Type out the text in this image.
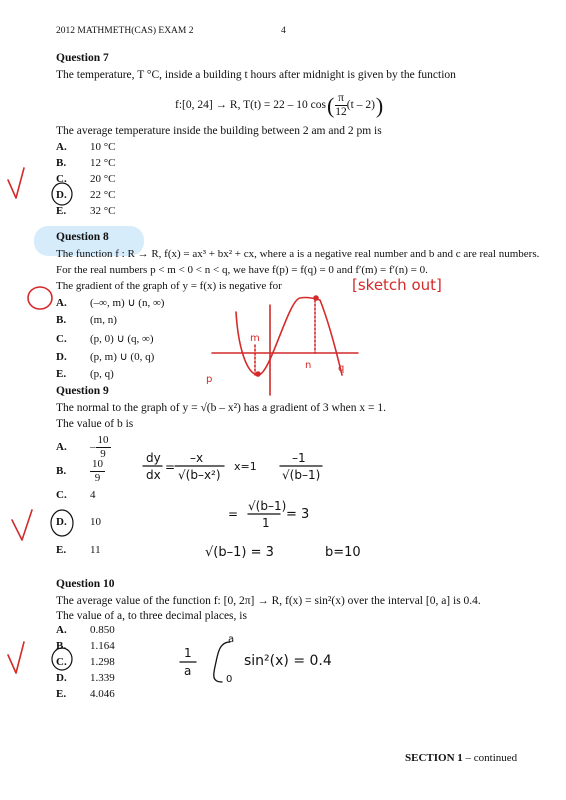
2012 MATHMETH(CAS) EXAM 2	4
Question 7
The temperature, T °C, inside a building t hours after midnight is given by the function
f:[0, 24] → R, T(t) = 22 – 10 cos ( $\frac{\pi}{12} (t - 2)$ )
The average temperature inside the building between 2 am and 2 pm is
A. 10 °C
B. 12 °C
C. 20 °C
D. 22 °C
E. 32 °C
Question 8
The function f : R → R, f(x) = ax³ + bx² + cx, where a is a negative real number and b and c are real numbers.
For the real numbers p < m < 0 < n < q, we have f(p) = f(q) = 0 and f′(m) = f′(n) = 0.
The gradient of the graph of y = f(x) is negative for
A. (–∞, m) ∪ (n, ∞)
B. (m, n)
C. (p, 0) ∪ (q, ∞)
D. (p, m) ∪ (0, q)
E. (p, q)
Question 9
The normal to the graph of y = √(b – x²) has a gradient of 3 when x = 1.
The value of b is
A.	– $\frac{10}{9}$
B.	$\frac{10}{9}$
C. 4
D. 10
E. 11
Question 10
The average value of the function f: [0, 2π] → R, f(x) = sin²(x) over the interval [0, a] is 0.4.
The value of a, to three decimal places, is
A. 0.850
B. 1.164
C. 1.298
D. 1.339
E. 4.046
SECTION 1 – continued
p
m
n	q
[sketch out]
dy
dx
=
–x
√(b–x²)
x=1
–1
√(b–1)
=
√(b–1)
1
= 3
√(b–1) = 3	b=10
1
a
a
0
sin²(x) = 0.4
